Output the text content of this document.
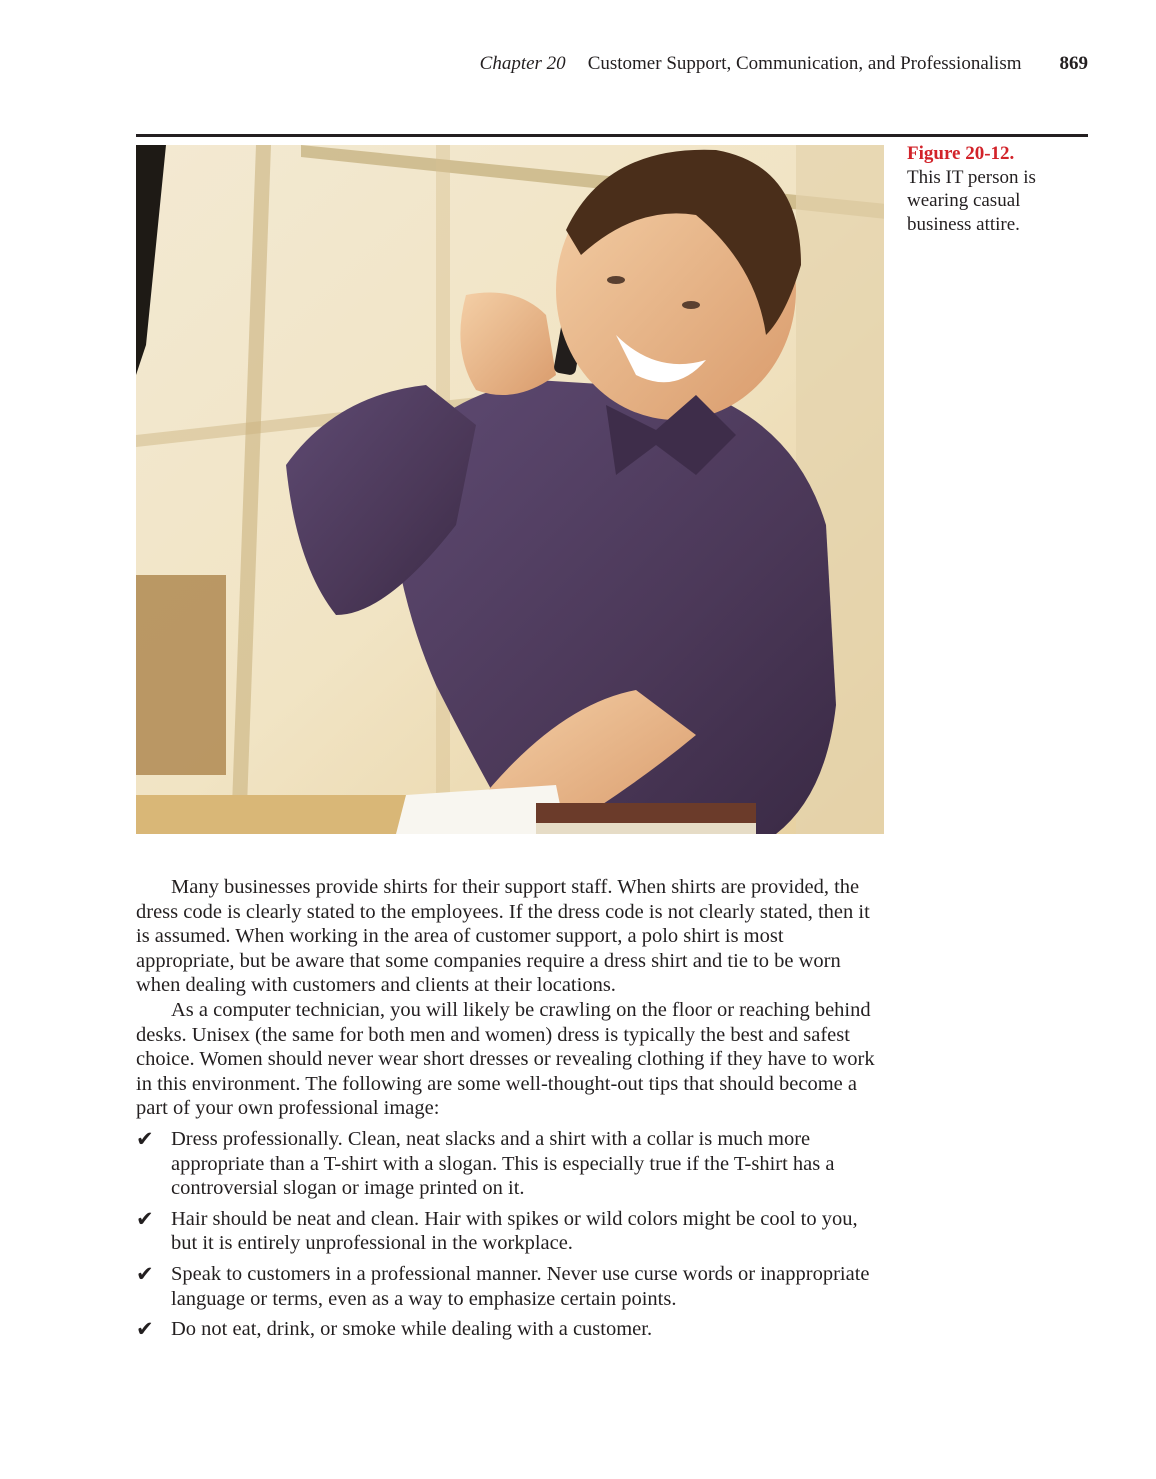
Chapter 20 Customer Support, Communication, and Professionalism 869
Figure 20-12.
This IT person is wearing casual business attire.

Many businesses provide shirts for their support staff. When shirts are provided, the dress code is clearly stated to the employees. If the dress code is not clearly stated, then it is assumed. When working in the area of customer support, a polo shirt is most appropriate, but be aware that some companies require a dress shirt and tie to be worn when dealing with customers and clients at their locations.

As a computer technician, you will likely be crawling on the floor or reaching behind desks. Unisex (the same for both men and women) dress is typically the best and safest choice. Women should never wear short dresses or revealing clothing if they have to work in this environment. The following are some well-thought-out tips that should become a part of your own professional image:

✔ Dress professionally. Clean, neat slacks and a shirt with a collar is much more appropriate than a T-shirt with a slogan. This is especially true if the T-shirt has a controversial slogan or image printed on it.
✔ Hair should be neat and clean. Hair with spikes or wild colors might be cool to you, but it is entirely unprofessional in the workplace.
✔ Speak to customers in a professional manner. Never use curse words or inappropriate language or terms, even as a way to emphasize certain points.
✔ Do not eat, drink, or smoke while dealing with a customer.
